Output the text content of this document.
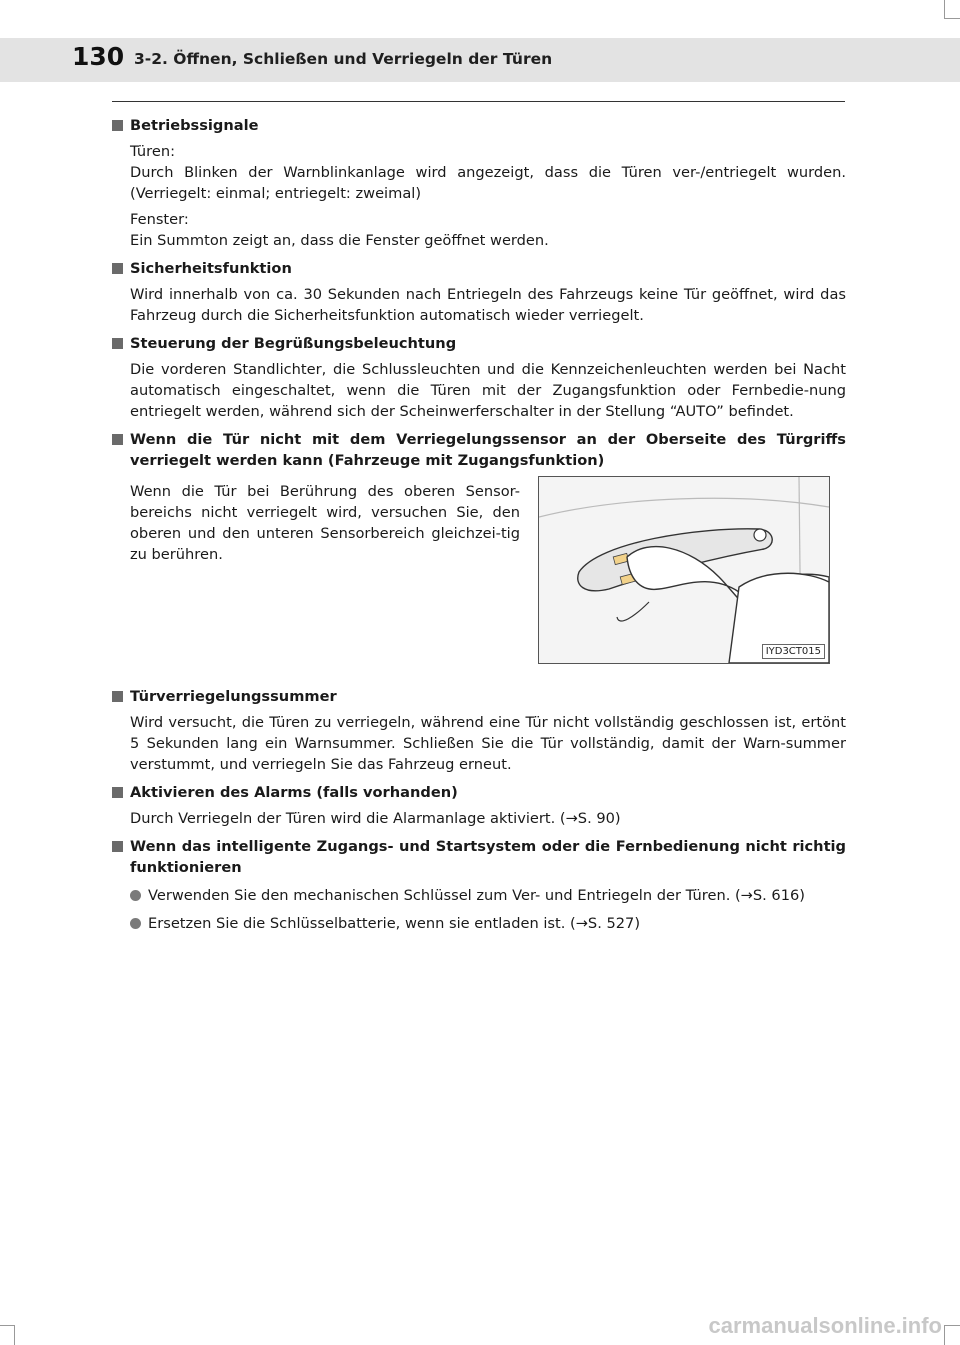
130 3-2. Öffnen, Schließen und Verriegeln der Türen
Betriebssignale
Türen:
Durch Blinken der Warnblinkanlage wird angezeigt, dass die Türen ver-/entriegelt wurden. (Verriegelt: einmal; entriegelt: zweimal)
Fenster:
Ein Summton zeigt an, dass die Fenster geöffnet werden.
Sicherheitsfunktion
Wird innerhalb von ca. 30 Sekunden nach Entriegeln des Fahrzeugs keine Tür geöffnet, wird das Fahrzeug durch die Sicherheitsfunktion automatisch wieder verriegelt.
Steuerung der Begrüßungsbeleuchtung
Die vorderen Standlichter, die Schlussleuchten und die Kennzeichenleuchten werden bei Nacht automatisch eingeschaltet, wenn die Türen mit der Zugangsfunktion oder Fernbedie-nung entriegelt werden, während sich der Scheinwerferschalter in der Stellung “AUTO” befindet.
Wenn die Tür nicht mit dem Verriegelungssensor an der Oberseite des Türgriffs verriegelt werden kann (Fahrzeuge mit Zugangsfunktion)
Wenn die Tür bei Berührung des oberen Sensor-bereichs nicht verriegelt wird, versuchen Sie, den oberen und den unteren Sensorbereich gleichzei-tig zu berühren.
IYD3CT015
Türverriegelungssummer
Wird versucht, die Türen zu verriegeln, während eine Tür nicht vollständig geschlossen ist, ertönt 5 Sekunden lang ein Warnsummer. Schließen Sie die Tür vollständig, damit der Warn-summer verstummt, und verriegeln Sie das Fahrzeug erneut.
Aktivieren des Alarms (falls vorhanden)
Durch Verriegeln der Türen wird die Alarmanlage aktiviert. (→S. 90)
Wenn das intelligente Zugangs- und Startsystem oder die Fernbedienung nicht richtig funktionieren
Verwenden Sie den mechanischen Schlüssel zum Ver- und Entriegeln der Türen. (→S. 616)
Ersetzen Sie die Schlüsselbatterie, wenn sie entladen ist. (→S. 527)
carmanualsonline.info
